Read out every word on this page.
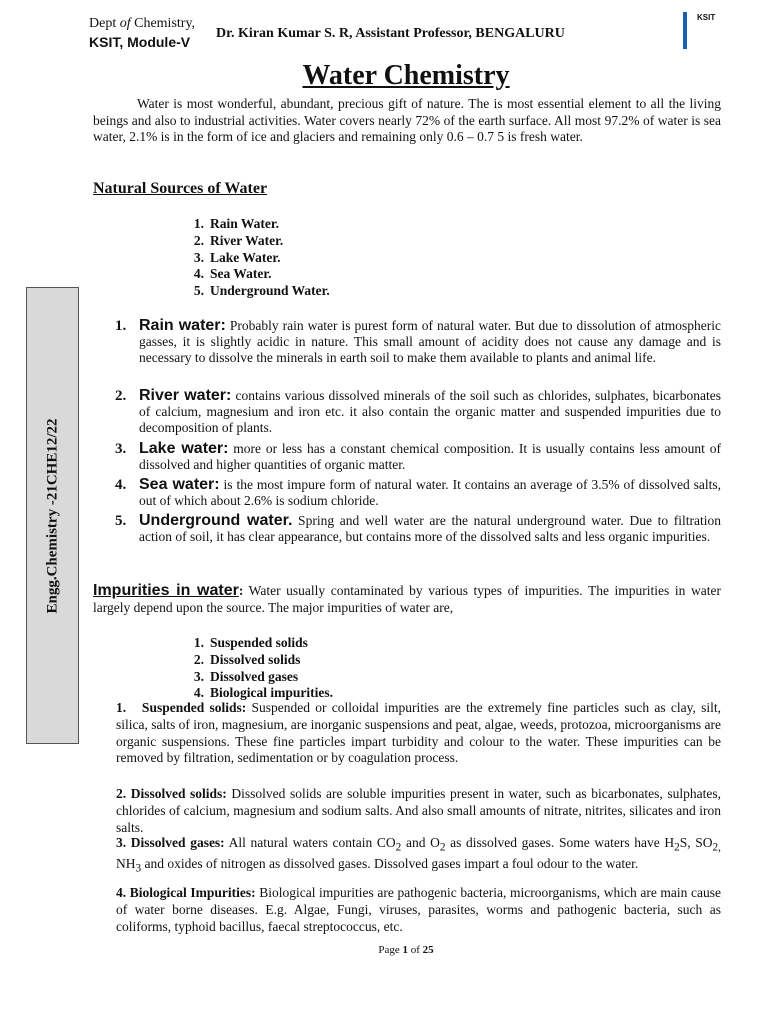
Dept of Chemistry,
KSIT, Module-V
Dr. Kiran Kumar S. R, Assistant Professor, BENGALURU
KSIT
Water Chemistry
Water is most wonderful, abundant, precious gift of nature. The is most essential element to all the living beings and also to industrial activities. Water covers nearly 72% of the earth surface. All most 97.2% of water is sea water, 2.1% is in the form of ice and glaciers and remaining only 0.6 – 0.7 5 is fresh water.
Natural Sources of Water
1. Rain Water.
2. River Water.
3. Lake Water.
4. Sea Water.
5. Underground Water.
1. Rain water: Probably rain water is purest form of natural water. But due to dissolution of atmospheric gasses, it is slightly acidic in nature. This small amount of acidity does not cause any damage and is necessary to dissolve the minerals in earth soil to make them available to plants and animal life.
2. River water: contains various dissolved minerals of the soil such as chlorides, sulphates, bicarbonates of calcium, magnesium and iron etc. it also contain the organic matter and suspended impurities due to decomposition of plants.
3. Lake water: more or less has a constant chemical composition. It is usually contains less amount of dissolved and higher quantities of organic matter.
4. Sea water: is the most impure form of natural water. It contains an average of 3.5% of dissolved salts, out of which about 2.6% is sodium chloride.
5. Underground water. Spring and well water are the natural underground water. Due to filtration action of soil, it has clear appearance, but contains more of the dissolved salts and less organic impurities.
Impurities in water: Water usually contaminated by various types of impurities. The impurities in water largely depend upon the source. The major impurities of water are,
1. Suspended solids
2. Dissolved solids
3. Dissolved gases
4. Biological impurities.
1.   Suspended solids: Suspended or colloidal impurities are the extremely fine particles such as clay, silt, silica, salts of iron, magnesium, are inorganic suspensions and peat, algae, weeds, protozoa, microorganisms are organic suspensions. These fine particles impart turbidity and colour to the water. These impurities can be removed by filtration, sedimentation or by coagulation process.
2. Dissolved solids: Dissolved solids are soluble impurities present in water, such as bicarbonates, sulphates, chlorides of calcium, magnesium and sodium salts. And also small amounts of nitrate, nitrites, silicates and iron salts.
3. Dissolved gases: All natural waters contain $CO_2$ and $O_2$ as dissolved gases. Some waters have $H_2S$, $SO_{2,}$ $NH_3$ and oxides of nitrogen as dissolved gases. Dissolved gases impart a foul odour to the water.
4. Biological Impurities: Biological impurities are pathogenic bacteria, microorganisms, which are main cause of water borne diseases. E.g. Algae, Fungi, viruses, parasites, worms and pathogenic bacteria, such as coliforms, typhoid bacillus, faecal streptococcus, etc.
Page 1 of 25
Engg.Chemistry -21CHE12/22
